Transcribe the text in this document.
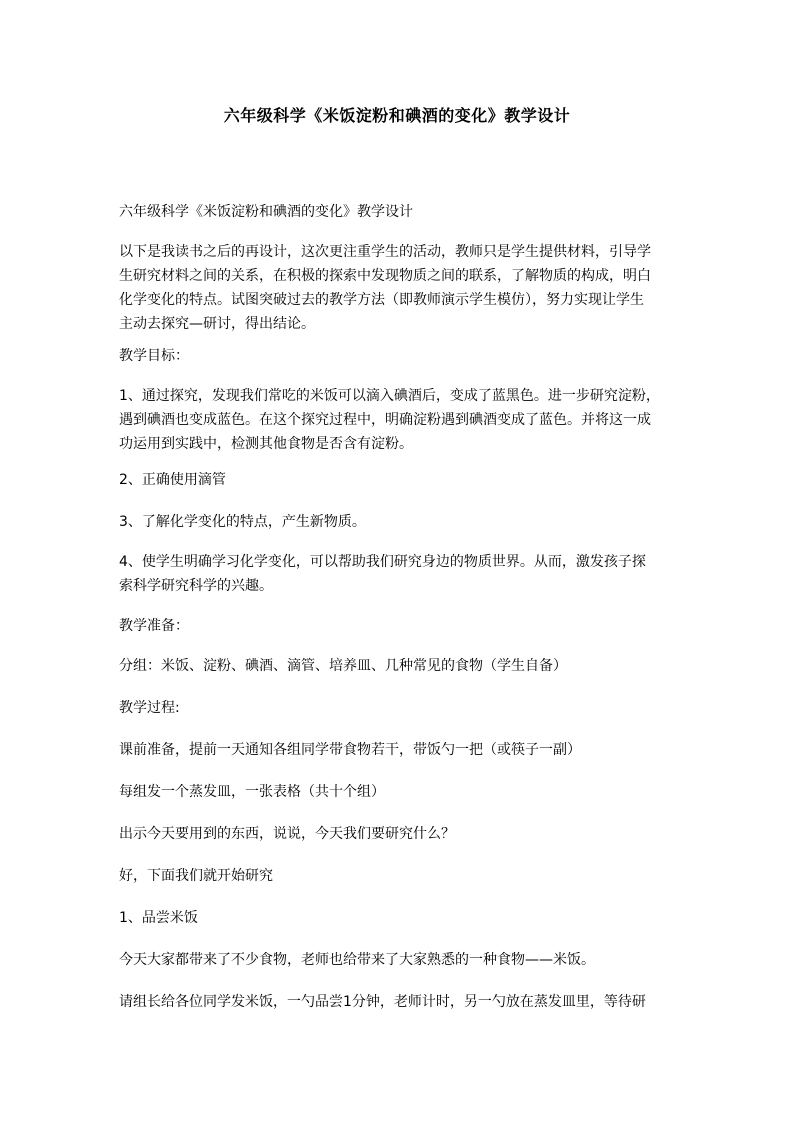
六年级科学《米饭淀粉和碘酒的变化》教学设计
六年级科学《米饭淀粉和碘酒的变化》教学设计
以下是我读书之后的再设计，这次更注重学生的活动，教师只是学生提供材料，引导学
生研究材料之间的关系，在积极的探索中发现物质之间的联系，了解物质的构成，明白
化学变化的特点。试图突破过去的教学方法（即教师演示学生模仿），努力实现让学生
主动去探究—研讨，得出结论。
教学目标：
1、通过探究，发现我们常吃的米饭可以滴入碘酒后，变成了蓝黑色。进一步研究淀粉，
遇到碘酒也变成蓝色。在这个探究过程中，明确淀粉遇到碘酒变成了蓝色。并将这一成
功运用到实践中，检测其他食物是否含有淀粉。
2、正确使用滴管
3、了解化学变化的特点，产生新物质。
4、使学生明确学习化学变化，可以帮助我们研究身边的物质世界。从而，激发孩子探
索科学研究科学的兴趣。
教学准备：
分组：米饭、淀粉、碘酒、滴管、培养皿、几种常见的食物（学生自备）
教学过程:
课前准备，提前一天通知各组同学带食物若干，带饭勺一把（或筷子一副）
每组发一个蒸发皿，一张表格（共十个组）
出示今天要用到的东西，说说，今天我们要研究什么？
好，下面我们就开始研究
1、品尝米饭
今天大家都带来了不少食物，老师也给带来了大家熟悉的一种食物——米饭。
请组长给各位同学发米饭，一勺品尝1分钟，老师计时，另一勺放在蒸发皿里，等待研
